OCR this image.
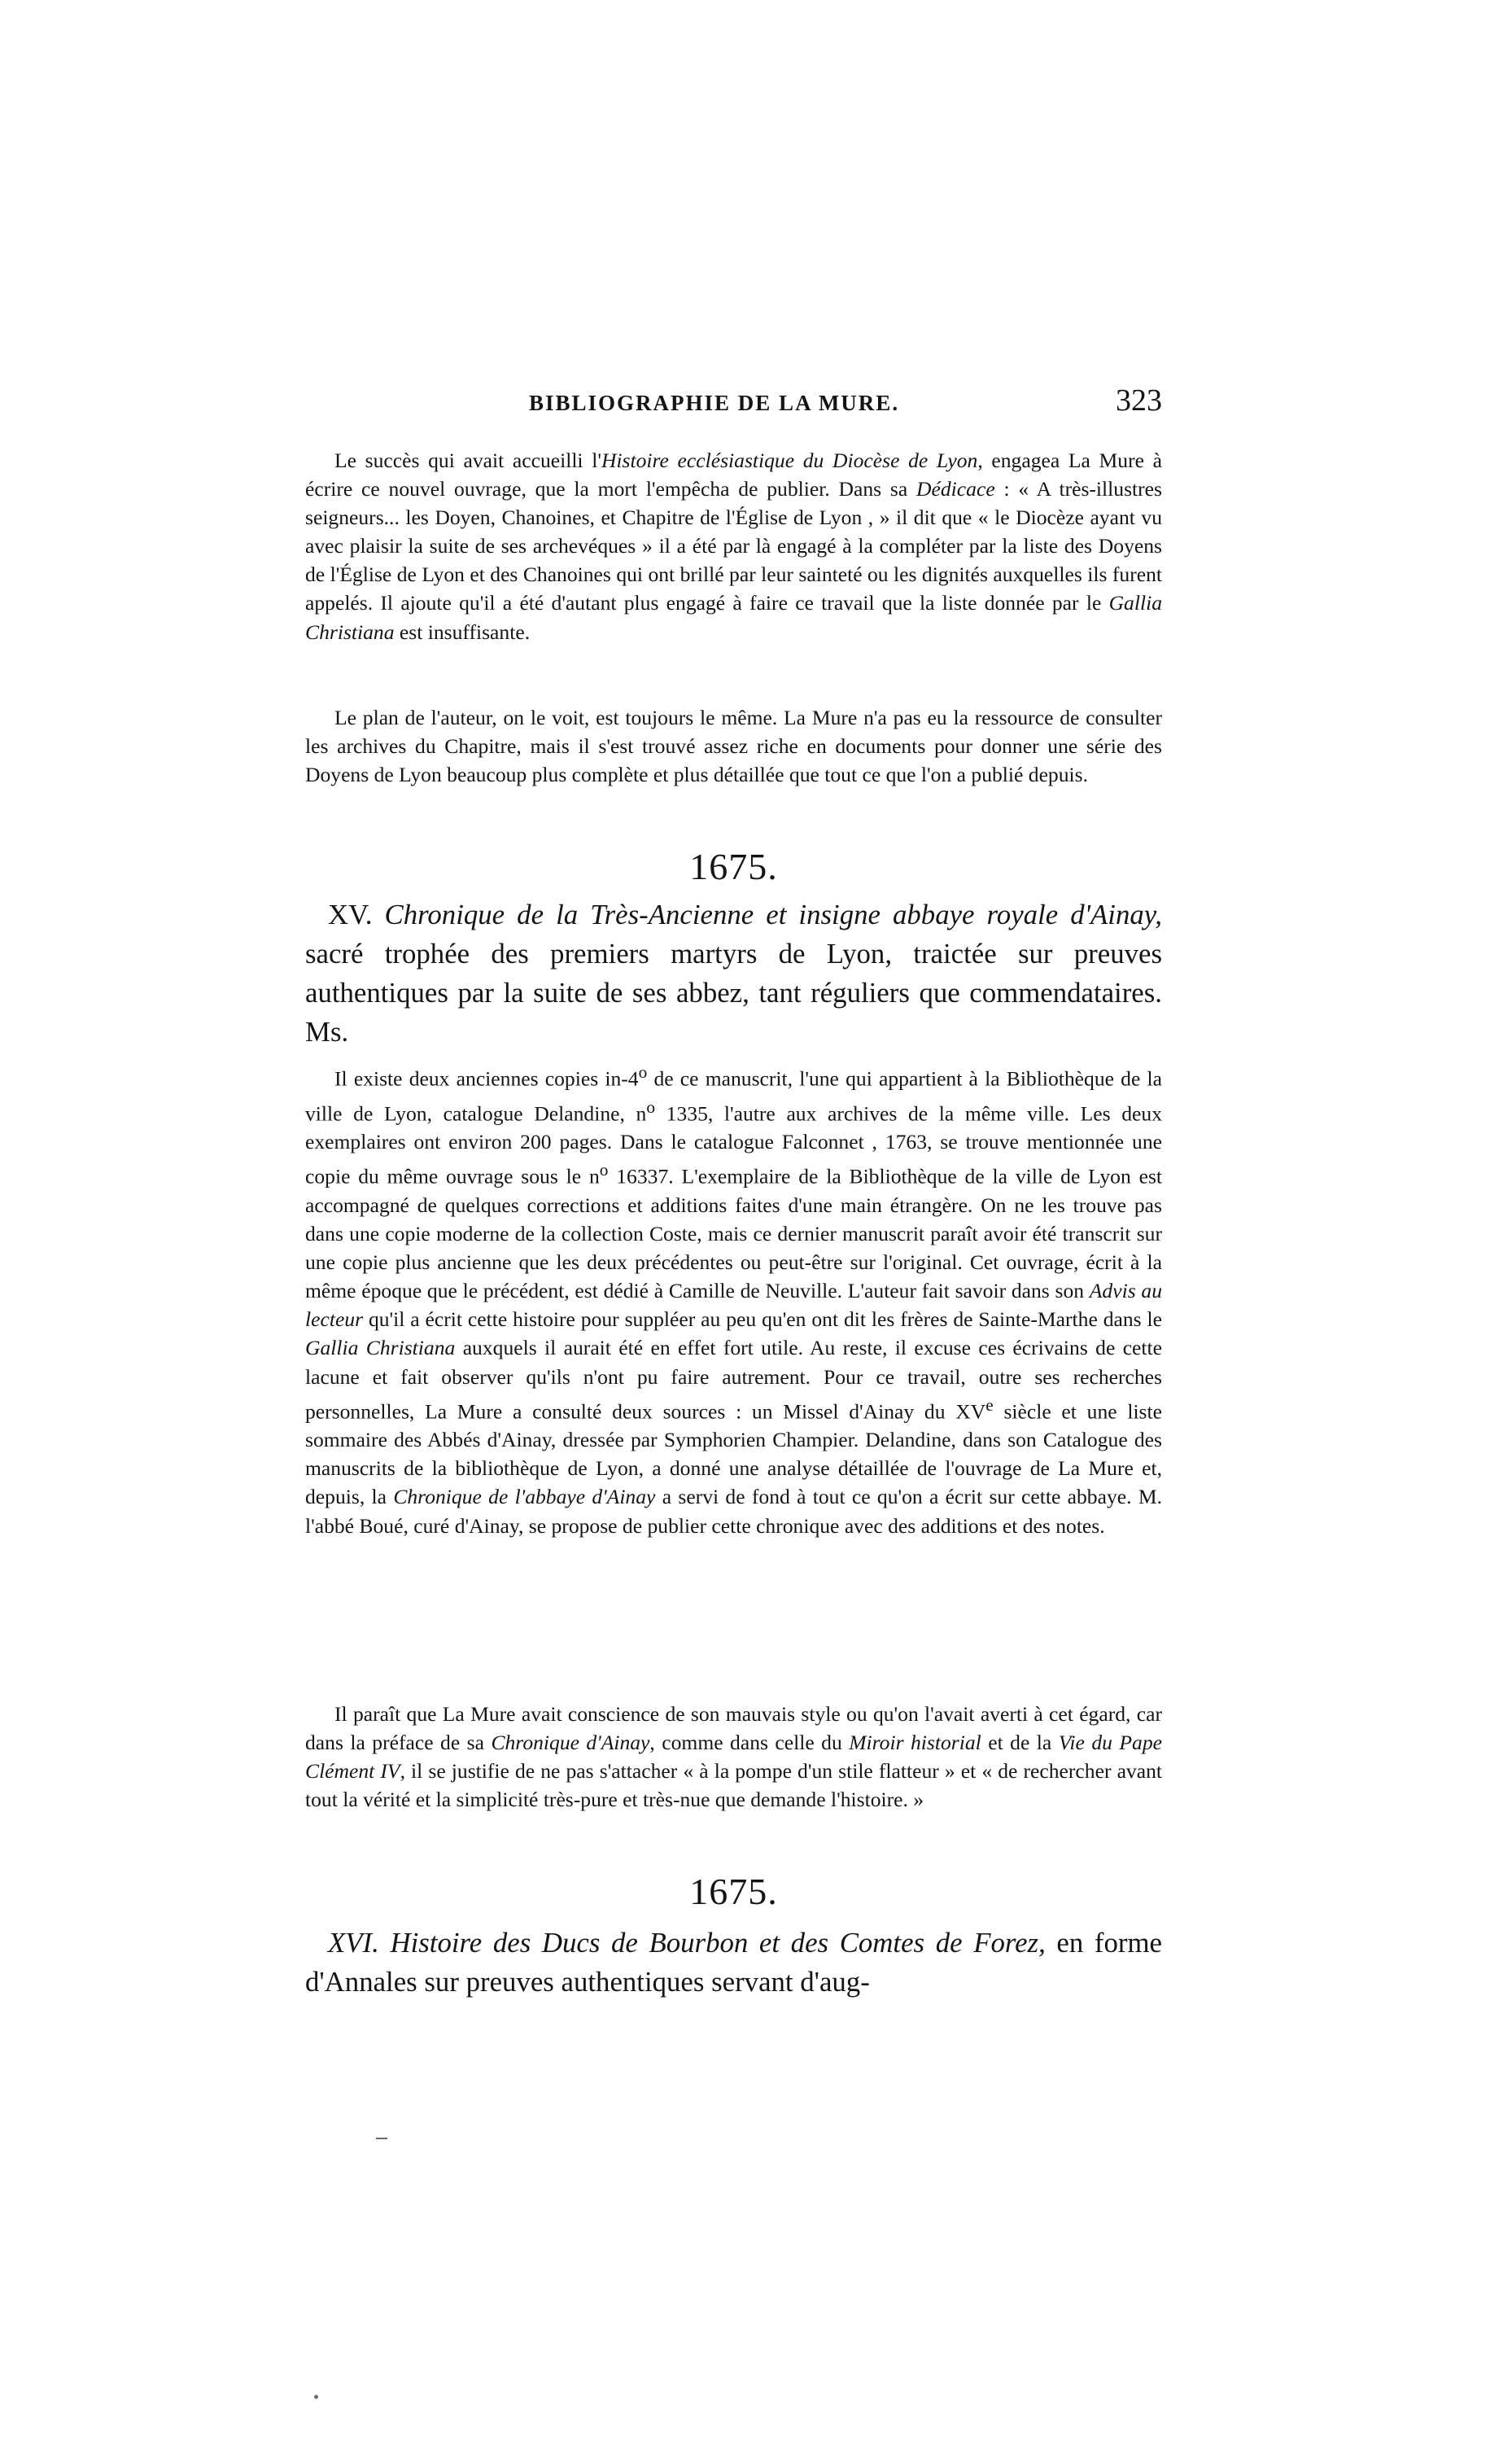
BIBLIOGRAPHIE DE LA MURE.	323

Le succès qui avait accueilli l'Histoire ecclésiastique du Diocèse de Lyon, engagea La Mure à écrire ce nouvel ouvrage, que la mort l'empêcha de publier. Dans sa Dédicace : « A très-illustres seigneurs... les Doyen, Chanoines, et Chapitre de l'Église de Lyon , » il dit que « le Diocèze ayant vu avec plaisir la suite de ses archevéques » il a été par là engagé à la compléter par la liste des Doyens de l'Église de Lyon et des Chanoines qui ont brillé par leur sainteté ou les dignités auxquelles ils furent appelés. Il ajoute qu'il a été d'autant plus engagé à faire ce travail que la liste donnée par le Gallia Christiana est insuffisante.

Le plan de l'auteur, on le voit, est toujours le même. La Mure n'a pas eu la ressource de consulter les archives du Chapitre, mais il s'est trouvé assez riche en documents pour donner une série des Doyens de Lyon beaucoup plus complète et plus détaillée que tout ce que l'on a publié depuis.

1675.

XV. Chronique de la Très-Ancienne et insigne abbaye royale d'Ainay, sacré trophée des premiers martyrs de Lyon, traictée sur preuves authentiques par la suite de ses abbez, tant réguliers que commendataires. Ms.

Il existe deux anciennes copies in-4$^o$ de ce manuscrit, l'une qui appartient à la Bibliothèque de la ville de Lyon, catalogue Delandine, $n^o$ 1335, l'autre aux archives de la même ville. Les deux exemplaires ont environ 200 pages. Dans le catalogue Falconnet , 1763, se trouve mentionnée une copie du même ouvrage sous le $n^o$ 16337. L'exemplaire de la Bibliothèque de la ville de Lyon est accompagné de quelques corrections et additions faites d'une main étrangère. On ne les trouve pas dans une copie moderne de la collection Coste, mais ce dernier manuscrit paraît avoir été transcrit sur une copie plus ancienne que les deux précédentes ou peut-être sur l'original. Cet ouvrage, écrit à la même époque que le précédent, est dédié à Camille de Neuville. L'auteur fait savoir dans son Advis au lecteur qu'il a écrit cette histoire pour suppléer au peu qu'en ont dit les frères de Sainte-Marthe dans le Gallia Christiana auxquels il aurait été en effet fort utile. Au reste, il excuse ces écrivains de cette lacune et fait observer qu'ils n'ont pu faire autrement. Pour ce travail, outre ses recherches personnelles, La Mure a consulté deux sources : un Missel d'Ainay du XVe siècle et une liste sommaire des Abbés d'Ainay, dressée par Symphorien Champier. Delandine, dans son Catalogue des manuscrits de la bibliothèque de Lyon, a donné une analyse détaillée de l'ouvrage de La Mure et, depuis, la Chronique de l'abbaye d'Ainay a servi de fond à tout ce qu'on a écrit sur cette abbaye. M. l'abbé Boué, curé d'Ainay, se propose de publier cette chronique avec des additions et des notes.

Il paraît que La Mure avait conscience de son mauvais style ou qu'on l'avait averti à cet égard, car dans la préface de sa Chronique d'Ainay, comme dans celle du Miroir historial et de la Vie du Pape Clément IV, il se justifie de ne pas s'attacher « à la pompe d'un stile flatteur » et « de rechercher avant tout la vérité et la simplicité très-pure et très-nue que demande l'histoire. »

1675.

XVI. Histoire des Ducs de Bourbon et des Comtes de Forez, en forme d'Annales sur preuves authentiques servant d'aug-
